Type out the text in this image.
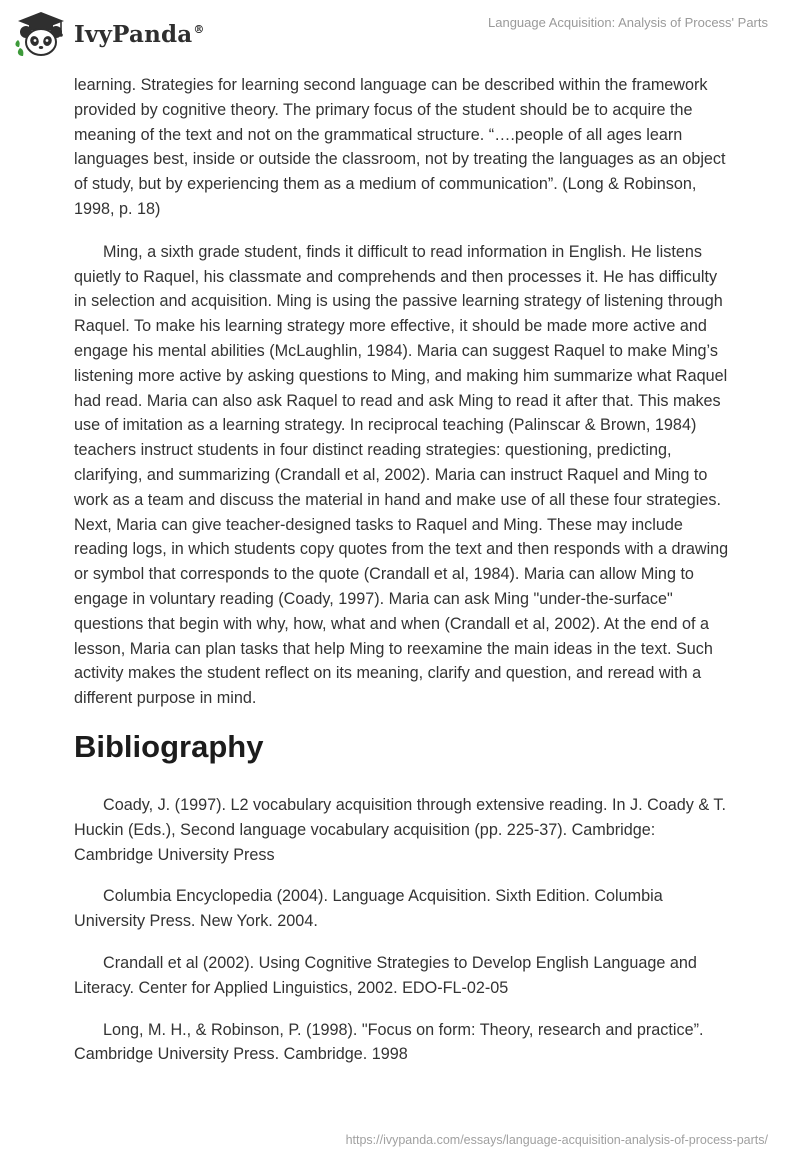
IvyPanda®	Language Acquisition: Analysis of Process' Parts

learning. Strategies for learning second language can be described within the framework provided by cognitive theory. The primary focus of the student should be to acquire the meaning of the text and not on the grammatical structure. “….people of all ages learn languages best, inside or outside the classroom, not by treating the languages as an object of study, but by experiencing them as a medium of communication”. (Long & Robinson, 1998, p. 18)

Ming, a sixth grade student, finds it difficult to read information in English. He listens quietly to Raquel, his classmate and comprehends and then processes it. He has difficulty in selection and acquisition. Ming is using the passive learning strategy of listening through Raquel. To make his learning strategy more effective, it should be made more active and engage his mental abilities (McLaughlin, 1984). Maria can suggest Raquel to make Ming’s listening more active by asking questions to Ming, and making him summarize what Raquel had read. Maria can also ask Raquel to read and ask Ming to read it after that. This makes use of imitation as a learning strategy. In reciprocal teaching (Palinscar & Brown, 1984) teachers instruct students in four distinct reading strategies: questioning, predicting, clarifying, and summarizing (Crandall et al, 2002). Maria can instruct Raquel and Ming to work as a team and discuss the material in hand and make use of all these four strategies. Next, Maria can give teacher-designed tasks to Raquel and Ming. These may include reading logs, in which students copy quotes from the text and then responds with a drawing or symbol that corresponds to the quote (Crandall et al, 1984). Maria can allow Ming to engage in voluntary reading (Coady, 1997). Maria can ask Ming "under-the-surface" questions that begin with why, how, what and when (Crandall et al, 2002). At the end of a lesson, Maria can plan tasks that help Ming to reexamine the main ideas in the text. Such activity makes the student reflect on its meaning, clarify and question, and reread with a different purpose in mind.

Bibliography

Coady, J. (1997). L2 vocabulary acquisition through extensive reading. In J. Coady & T. Huckin (Eds.), Second language vocabulary acquisition (pp. 225-37). Cambridge: Cambridge University Press

Columbia Encyclopedia (2004). Language Acquisition. Sixth Edition. Columbia University Press. New York. 2004.

Crandall et al (2002). Using Cognitive Strategies to Develop English Language and Literacy. Center for Applied Linguistics, 2002. EDO-FL-02-05

Long, M. H., & Robinson, P. (1998). "Focus on form: Theory, research and practice”. Cambridge University Press. Cambridge. 1998

https://ivypanda.com/essays/language-acquisition-analysis-of-process-parts/
